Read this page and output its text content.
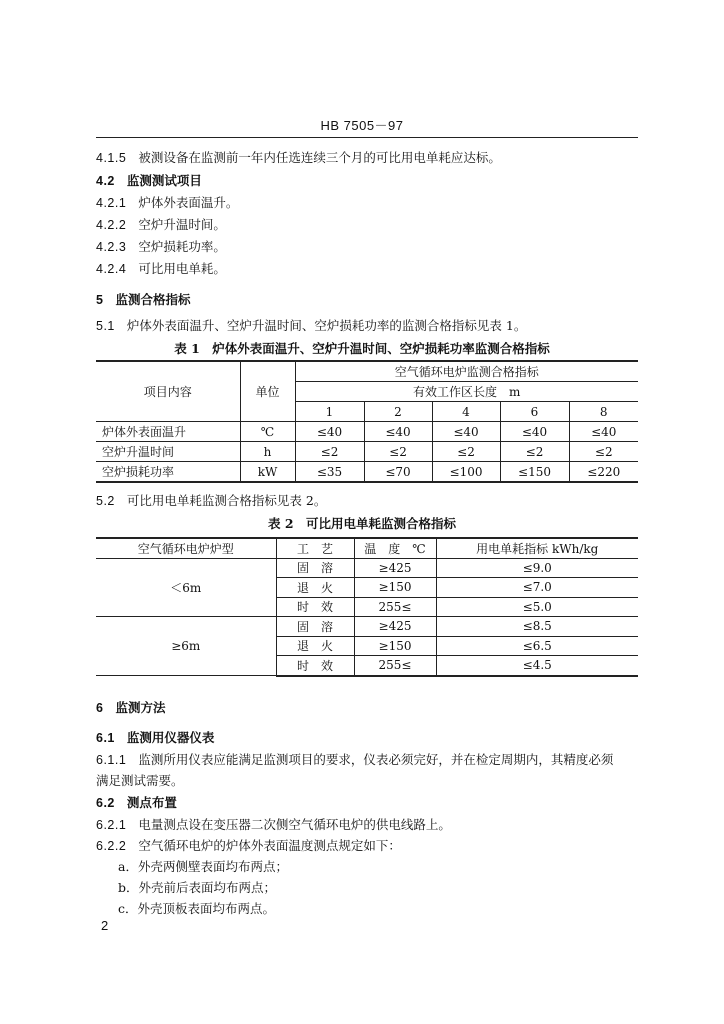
HB 7505－97
4.1.5 被测设备在监测前一年内任选连续三个月的可比用电单耗应达标。
4.2 监测测试项目
4.2.1 炉体外表面温升。
4.2.2 空炉升温时间。
4.2.3 空炉损耗功率。
4.2.4 可比用电单耗。
5 监测合格指标
5.1 炉体外表面温升、空炉升温时间、空炉损耗功率的监测合格指标见表 1。
表 1　炉体外表面温升、空炉升温时间、空炉损耗功率监测合格指标
项目内容	单位	空气循环电炉监测合格指标				
		有效工作区长度　m				
		1	2	4	6	8
炉体外表面温升	℃	≤40	≤40	≤40	≤40	≤40
空炉升温时间	h	≤2	≤2	≤2	≤2	≤2
空炉损耗功率	kW	≤35	≤70	≤100	≤150	≤220
5.2 可比用电单耗监测合格指标见表 2。
表 2　可比用电单耗监测合格指标
空气循环电炉炉型	工　艺	温　度　℃	用电单耗指标 kWh/kg
＜6m	固　溶	≥425	≤9.0
	退　火	≥150	≤7.0
	时　效	255≤	≤5.0
≥6m	固　溶	≥425	≤8.5
	退　火	≥150	≤6.5
	时　效	255≤	≤4.5
6 监测方法
6.1 监测用仪器仪表
6.1.1 监测所用仪表应能满足监测项目的要求，仪表必须完好，并在检定周期内，其精度必须
满足测试需要。
6.2 测点布置
6.2.1 电量测点设在变压器二次侧空气循环电炉的供电线路上。
6.2.2 空气循环电炉的炉体外表面温度测点规定如下：
a．外壳两侧壁表面均布两点；
b．外壳前后表面均布两点；
c．外壳顶板表面均布两点。
2
